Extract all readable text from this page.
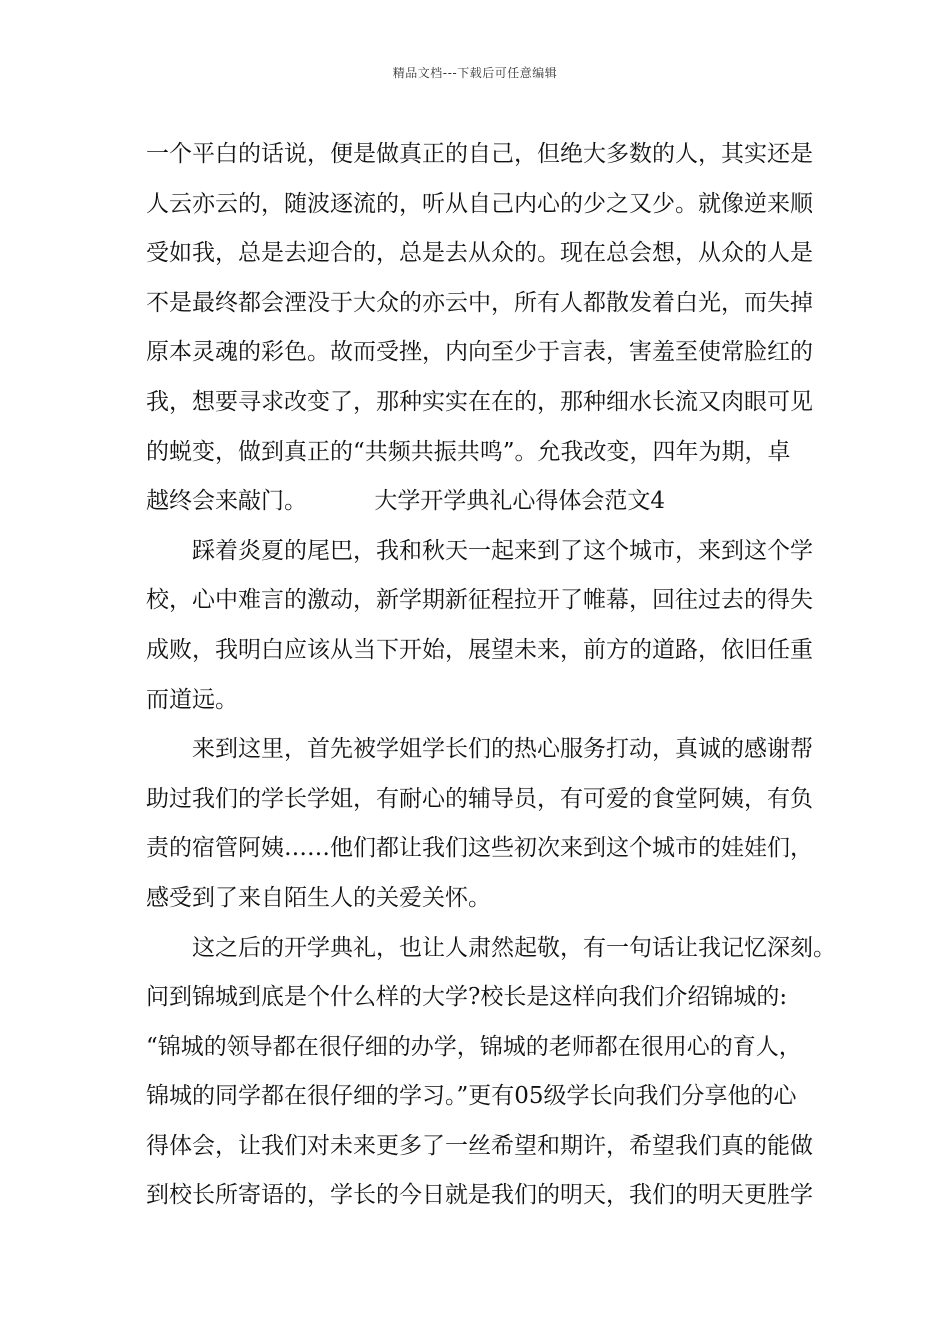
精品文档---下载后可任意编辑
一个平白的话说，便是做真正的自己，但绝大多数的人，其实还是
人云亦云的，随波逐流的，听从自己内心的少之又少。就像逆来顺
受如我，总是去迎合的，总是去从众的。现在总会想，从众的人是
不是最终都会湮没于大众的亦云中，所有人都散发着白光，而失掉
原本灵魂的彩色。故而受挫，内向至少于言表，害羞至使常脸红的
我，想要寻求改变了，那种实实在在的，那种细水长流又肉眼可见
的蜕变，做到真正的“共频共振共鸣”。允我改变，四年为期，卓
越终会来敲门。	大学开学典礼心得体会范文4
踩着炎夏的尾巴，我和秋天一起来到了这个城市，来到这个学
校，心中难言的激动，新学期新征程拉开了帷幕，回往过去的得失
成败，我明白应该从当下开始，展望未来，前方的道路，依旧任重
而道远。
来到这里，首先被学姐学长们的热心服务打动，真诚的感谢帮
助过我们的学长学姐，有耐心的辅导员，有可爱的食堂阿姨，有负
责的宿管阿姨……他们都让我们这些初次来到这个城市的娃娃们，
感受到了来自陌生人的关爱关怀。
这之后的开学典礼，也让人肃然起敬，有一句话让我记忆深刻。
问到锦城到底是个什么样的大学?校长是这样向我们介绍锦城的:
“锦城的领导都在很仔细的办学，锦城的老师都在很用心的育人，
锦城的同学都在很仔细的学习。”更有05级学长向我们分享他的心
得体会，让我们对未来更多了一丝希望和期许，希望我们真的能做
到校长所寄语的，学长的今日就是我们的明天，我们的明天更胜学
